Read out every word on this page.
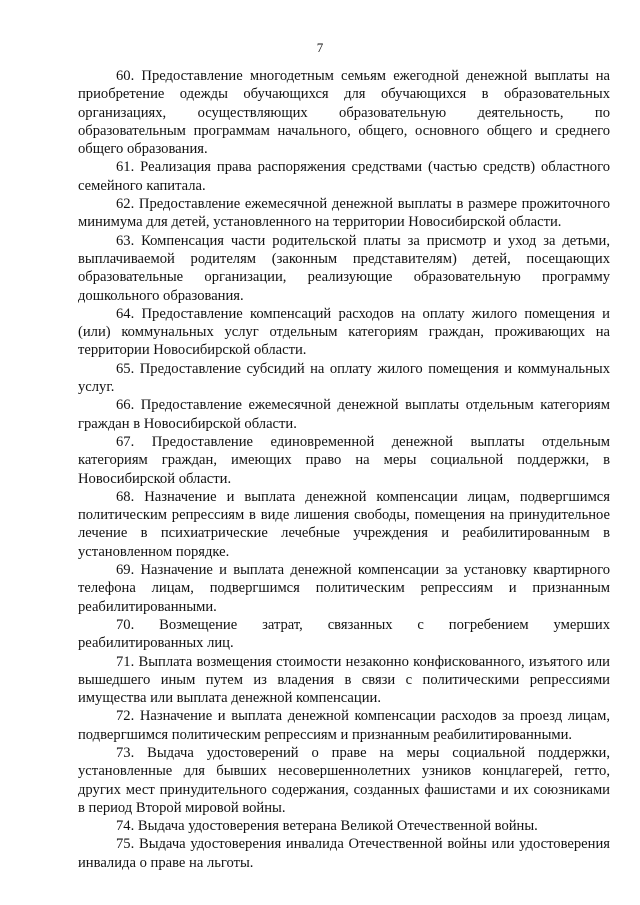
7

60. Предоставление многодетным семьям ежегодной денежной выплаты на приобретение одежды обучающихся для обучающихся в образовательных организациях, осуществляющих образовательную деятельность, по образовательным программам начального, общего, основного общего и среднего общего образования.

61. Реализация права распоряжения средствами (частью средств) областного семейного капитала.

62. Предоставление ежемесячной денежной выплаты в размере прожиточного минимума для детей, установленного на территории Новосибирской области.

63. Компенсация части родительской платы за присмотр и уход за детьми, выплачиваемой родителям (законным представителям) детей, посещающих образовательные организации, реализующие образовательную программу дошкольного образования.

64. Предоставление компенсаций расходов на оплату жилого помещения и (или) коммунальных услуг отдельным категориям граждан, проживающих на территории Новосибирской области.

65. Предоставление субсидий на оплату жилого помещения и коммунальных услуг.

66. Предоставление ежемесячной денежной выплаты отдельным категориям граждан в Новосибирской области.

67. Предоставление единовременной денежной выплаты отдельным категориям граждан, имеющих право на меры социальной поддержки, в Новосибирской области.

68. Назначение и выплата денежной компенсации лицам, подвергшимся политическим репрессиям в виде лишения свободы, помещения на принудительное лечение в психиатрические лечебные учреждения и реабилитированным в установленном порядке.

69. Назначение и выплата денежной компенсации за установку квартирного телефона лицам, подвергшимся политическим репрессиям и признанным реабилитированными.

70. Возмещение затрат, связанных с погребением умерших реабилитированных лиц.

71. Выплата возмещения стоимости незаконно конфискованного, изъятого или вышедшего иным путем из владения в связи с политическими репрессиями имущества или выплата денежной компенсации.

72. Назначение и выплата денежной компенсации расходов за проезд лицам, подвергшимся политическим репрессиям и признанным реабилитированными.

73. Выдача удостоверений о праве на меры социальной поддержки, установленные для бывших несовершеннолетних узников концлагерей, гетто, других мест принудительного содержания, созданных фашистами и их союзниками в период Второй мировой войны.

74. Выдача удостоверения ветерана Великой Отечественной войны.

75. Выдача удостоверения инвалида Отечественной войны или удостоверения инвалида о праве на льготы.
